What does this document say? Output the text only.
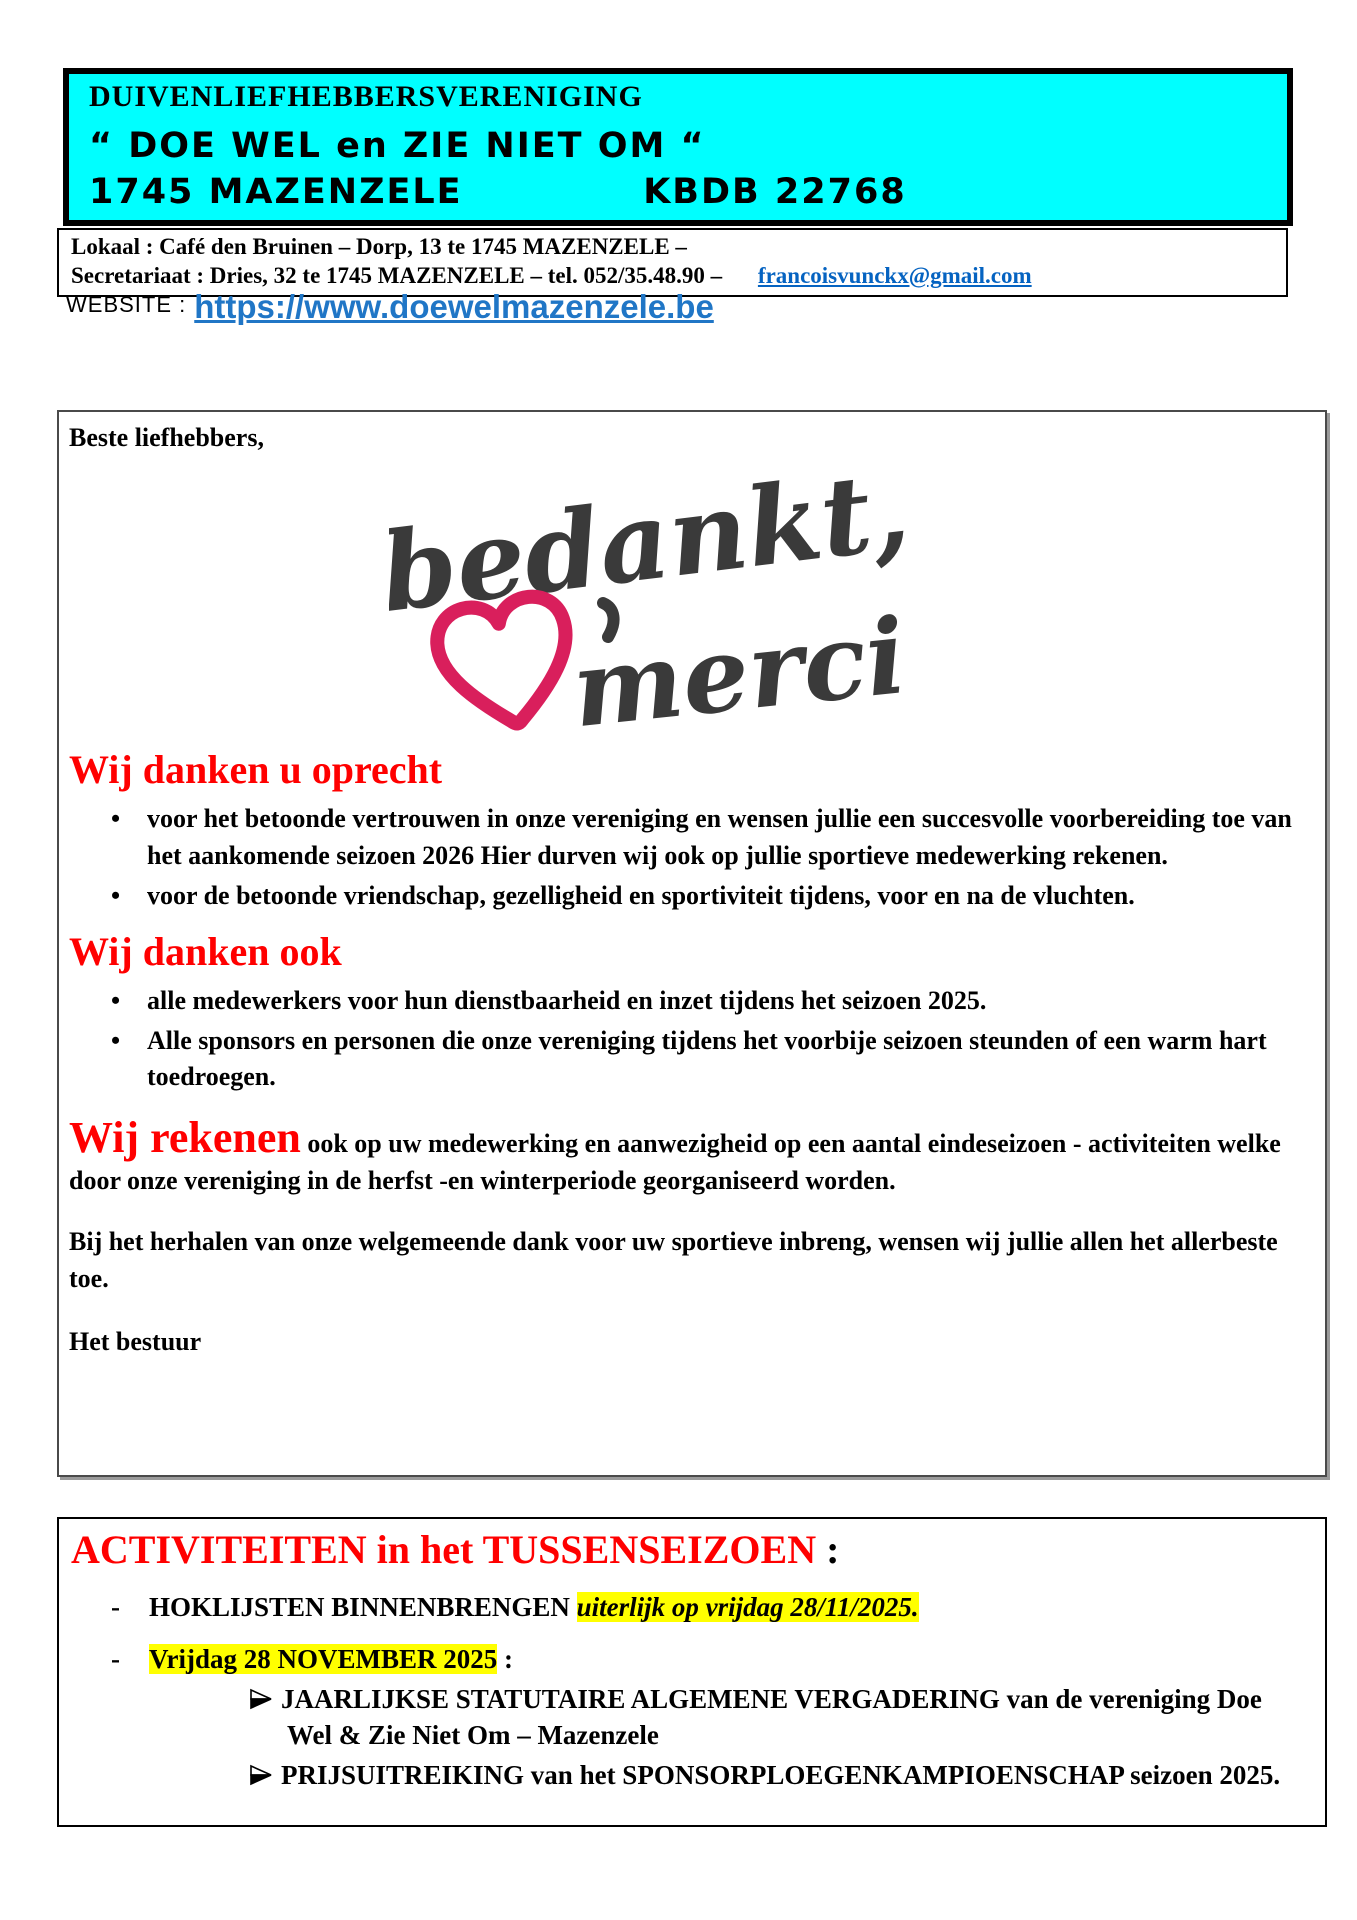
DUIVENLIEFHEBBERSVERENIGING
“ DOE WEL en ZIE NIET OM “
1745 MAZENZELE	KBDB 22768
Lokaal : Café den Bruinen – Dorp, 13 te 1745 MAZENZELE –
Secretariaat : Dries, 32 te 1745 MAZENZELE – tel. 052/35.48.90 – francoisvunckx@gmail.com
WEBSITE : https://www.doewelmazenzele.be
Beste liefhebbers,
bedankt,
merci
Wij danken u oprecht
• voor het betoonde vertrouwen in onze vereniging en wensen jullie een succesvolle voorbereiding toe van het aankomende seizoen 2026 Hier durven wij ook op jullie sportieve medewerking rekenen.
• voor de betoonde vriendschap, gezelligheid en sportiviteit tijdens, voor en na de vluchten.
Wij danken ook
• alle medewerkers voor hun dienstbaarheid en inzet tijdens het seizoen 2025.
• Alle sponsors en personen die onze vereniging tijdens het voorbije seizoen steunden of een warm hart toedroegen.
Wij rekenen ook op uw medewerking en aanwezigheid op een aantal eindeseizoen - activiteiten welke door onze vereniging in de herfst -en winterperiode georganiseerd worden.
Bij het herhalen van onze welgemeende dank voor uw sportieve inbreng, wensen wij jullie allen het allerbeste toe.
Het bestuur
ACTIVITEITEN in het TUSSENSEIZOEN :
- HOKLIJSTEN BINNENBRENGEN uiterlijk op vrijdag 28/11/2025.
- Vrijdag 28 NOVEMBER 2025 :
JAARLIJKSE STATUTAIRE ALGEMENE VERGADERING van de vereniging Doe Wel & Zie Niet Om – Mazenzele
PRIJSUITREIKING van het SPONSORPLOEGENKAMPIOENSCHAP seizoen 2025.
